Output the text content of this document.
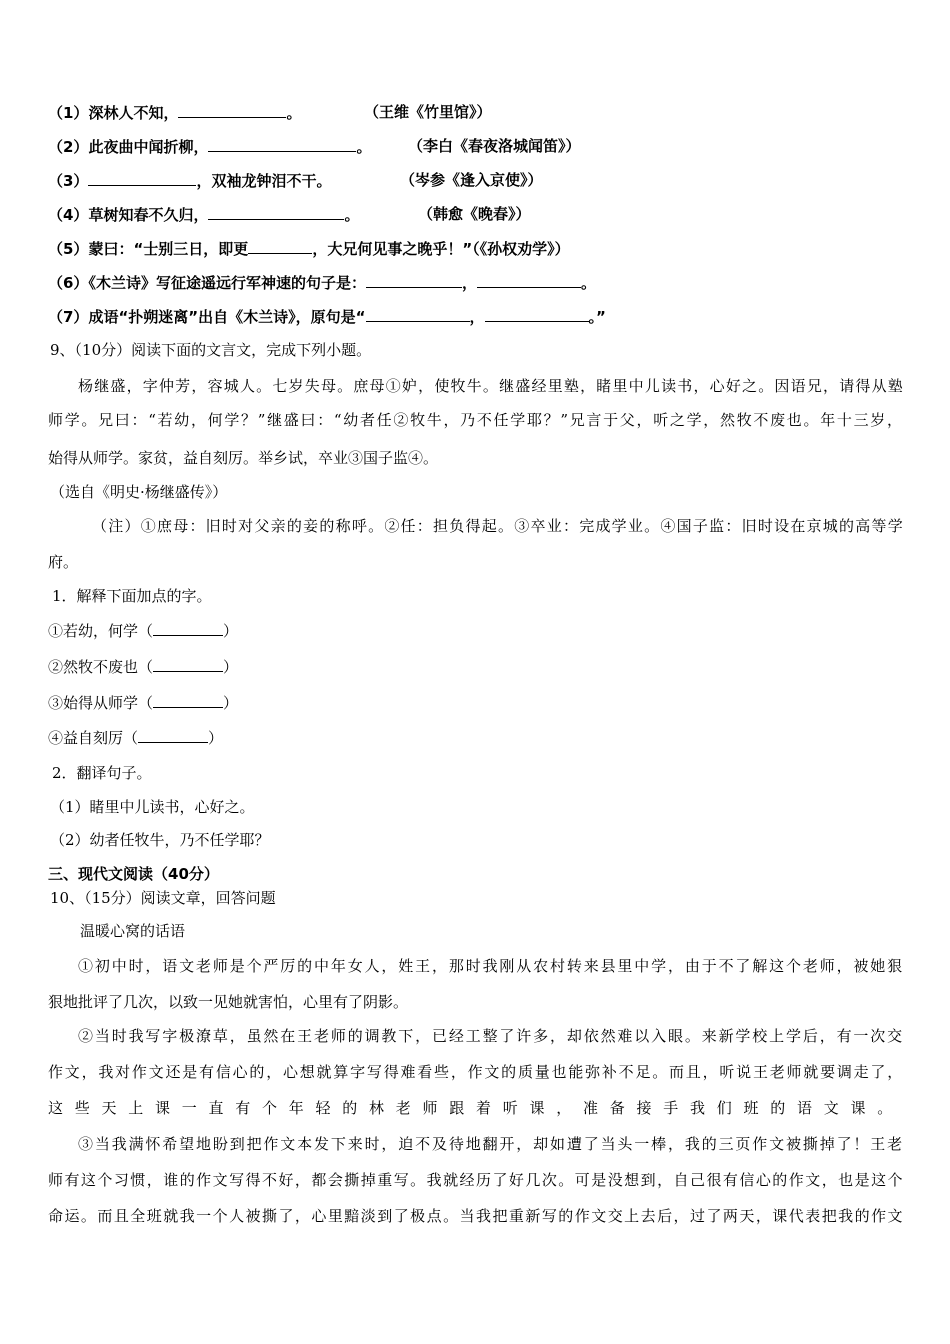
（1）深林人不知，	。	（王维《竹里馆》）
（2）此夜曲中闻折柳，	。 （李白《春夜洛城闻笛》）
（3）	，双袖龙钟泪不干。	（岑参《逢入京使》）
（4）草树知春不久归，	。	（韩愈《晚春》）
（5）蒙曰：“士别三日，即更	，大兄何见事之晚乎！”（《孙权劝学》）
（6）《木兰诗》写征途遥远行军神速的句子是：	，	。
（7）成语“扑朔迷离”出自《木兰诗》，原句是“	，	。”
9、（10分）阅读下面的文言文，完成下列小题。
杨继盛，字仲芳，容城人。七岁失母。庶母①妒，使牧牛。继盛经里塾，睹里中儿读书，心好之。因语兄，请得从塾
师学。兄曰：“若幼，何学？”继盛曰：“幼者任②牧牛，乃不任学耶？”兄言于父，听之学，然牧不废也。年十三岁，
始得从师学。家贫，益自刻厉。举乡试，卒业③国子监④。
（选自《明史·杨继盛传》）
（注）①庶母：旧时对父亲的妾的称呼。②任：担负得起。③卒业：完成学业。④国子监：旧时设在京城的高等学
府。
1．解释下面加点的字。
①若幼，何学（	）
②然牧不废也（	）
③始得从师学（	）
④益自刻厉（	）
2．翻译句子。
（1）睹里中儿读书，心好之。
（2）幼者任牧牛，乃不任学耶？
三、现代文阅读（40分）
10、（15分）阅读文章，回答问题
温暖心窝的话语
①初中时，语文老师是个严厉的中年女人，姓王，那时我刚从农村转来县里中学，由于不了解这个老师，被她狠
狠地批评了几次，以致一见她就害怕，心里有了阴影。
②当时我写字极潦草，虽然在王老师的调教下，已经工整了许多，却依然难以入眼。来新学校上学后，有一次交
作文，我对作文还是有信心的，心想就算字写得难看些，作文的质量也能弥补不足。而且，听说王老师就要调走了，
这些天上课一直有个年轻的林老师跟着听课，准备接手我们班的语文课。
③当我满怀希望地盼到把作文本发下来时，迫不及待地翻开，却如遭了当头一棒，我的三页作文被撕掉了！王老
师有这个习惯，谁的作文写得不好，都会撕掉重写。我就经历了好几次。可是没想到，自己很有信心的作文，也是这个
命运。而且全班就我一个人被撕了，心里黯淡到了极点。当我把重新写的作文交上去后，过了两天，课代表把我的作文
